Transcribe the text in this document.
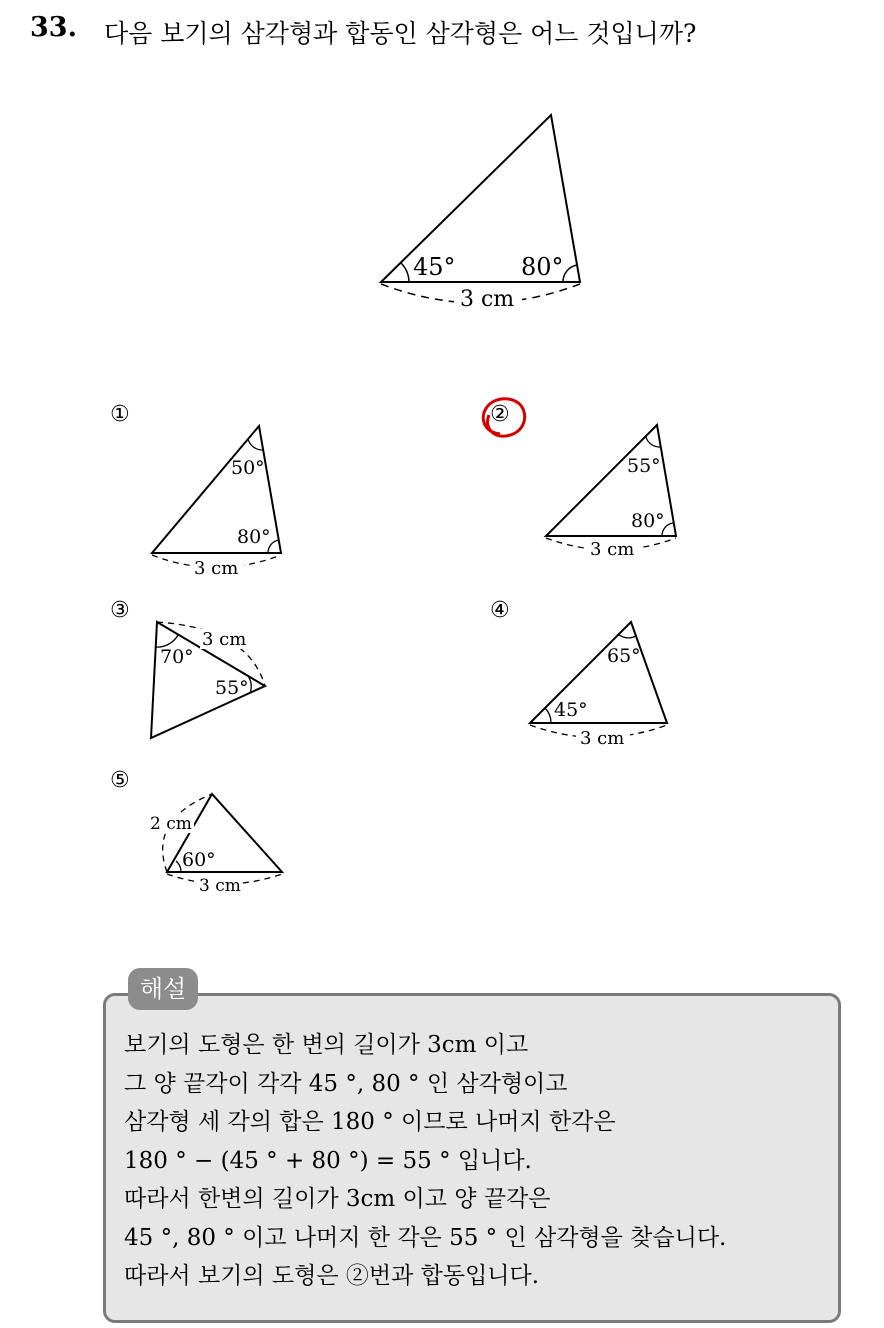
33. 다음 보기의 삼각형과 합동인 삼각형은 어느 것입니까?
45°	80°
3 cm
50°
80°
3 cm
55°
80°
3 cm
70°
55°
3 cm
65°
45°
3 cm
60°
2 cm
3 cm
①	②
③	④
⑤
해설
보기의 도형은 한 변의 길이가 3cm 이고
그 양 끝각이 각각 45 °, 80 ° 인 삼각형이고
삼각형 세 각의 합은 180 ° 이므로 나머지 한각은
180 ° − (45 ° + 80 °) = 55 ° 입니다.
따라서 한변의 길이가 3cm 이고 양 끝각은
45 °, 80 ° 이고 나머지 한 각은 55 ° 인 삼각형을 찾습니다.
따라서 보기의 도형은 ②번과 합동입니다.
